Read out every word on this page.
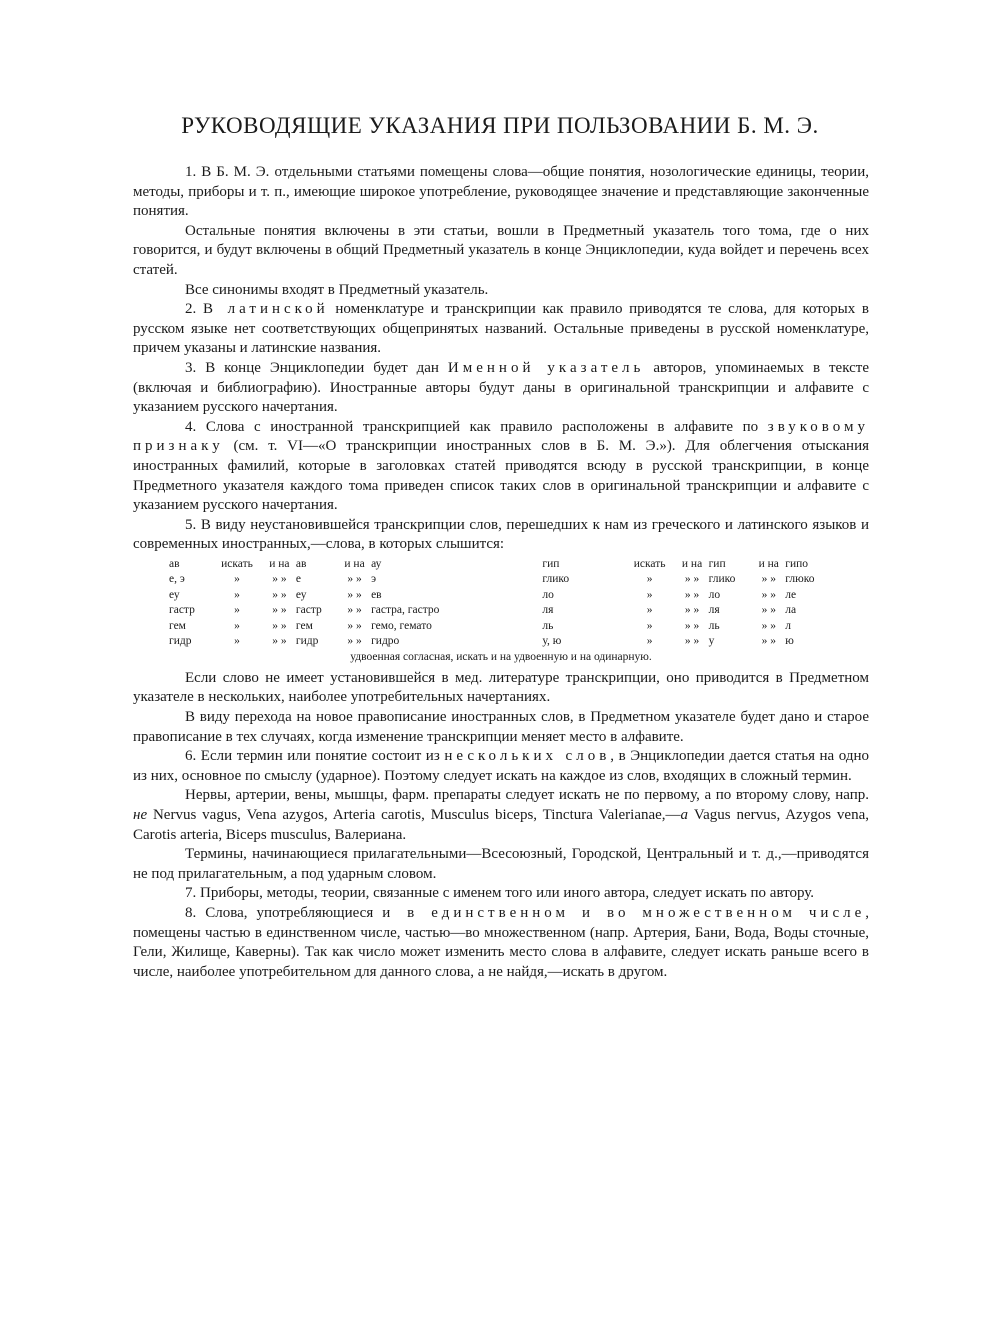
РУКОВОДЯЩИЕ УКАЗАНИЯ ПРИ ПОЛЬЗОВАНИИ Б. М. Э.

1. В Б. М. Э. отдельными статьями помещены слова—общие понятия, нозологические единицы, теории, методы, приборы и т. п., имеющие широкое употребление, руководящее значение и представляющие законченные понятия.

Остальные понятия включены в эти статьи, вошли в Предметный указатель того тома, где о них говорится, и будут включены в общий Предметный указатель в конце Энциклопедии, куда войдет и перечень всех статей.

Все синонимы входят в Предметный указатель.

2. В латинской номенклатуре и транскрипции как правило приводятся те слова, для которых в русском языке нет соответствующих общепринятых названий. Остальные приведены в русской номенклатуре, причем указаны и латинские названия.

3. В конце Энциклопедии будет дан Именной указатель авторов, упоминаемых в тексте (включая и библиографию). Иностранные авторы будут даны в оригинальной транскрипции и алфавите с указанием русского начертания.

4. Слова с иностранной транскрипцией как правило расположены в алфавите по звуковому признаку (см. т. VI—«О транскрипции иностранных слов в Б. М. Э.»). Для облегчения отыскания иностранных фамилий, которые в заголовках статей приводятся всюду в русской транскрипции, в конце Предметного указателя каждого тома приведен список таких слов в оригинальной транскрипции и алфавите с указанием русского начертания.

5. В виду неустановившейся транскрипции слов, перешедших к нам из греческого и латинского языков и современных иностранных,—слова, в которых слышится:

ав	искать	и на	ав	и на	ау	гип	искать	и на	гип	и на	гипо
е, э	»	» »	е	» »	э	глико	»	» »	глико	» »	глюко
еу	»	» »	еу	» »	ев	ло	»	» »	ло	» »	ле
гастр	»	» »	гастр	» »	гастра, гастро	ля	»	» »	ля	» »	ла
гем	»	» »	гем	» »	гемо, гемато	ль	»	» »	ль	» »	л
гидр	»	» »	гидр	» »	гидро	у, ю	»	» »	у	» »	ю
удвоенная согласная, искать и на удвоенную и на одинарную.

Если слово не имеет установившейся в мед. литературе транскрипции, оно приводится в Предметном указателе в нескольких, наиболее употребительных начертаниях.

В виду перехода на новое правописание иностранных слов, в Предметном указателе будет дано и старое правописание в тех случаях, когда изменение транскрипции меняет место в алфавите.

6. Если термин или понятие состоит из нескольких слов, в Энциклопедии дается статья на одно из них, основное по смыслу (ударное). Поэтому следует искать на каждое из слов, входящих в сложный термин.

Нервы, артерии, вены, мышцы, фарм. препараты следует искать не по первому, а по второму слову, напр. не Nervus vagus, Vena azygos, Arteria carotis, Musculus biceps, Tinctura Valerianae,—а Vagus nervus, Azygos vena, Carotis arteria, Biceps musculus, Валериана.

Термины, начинающиеся прилагательными—Всесоюзный, Городской, Центральный и т. д.,—приводятся не под прилагательным, а под ударным словом.

7. Приборы, методы, теории, связанные с именем того или иного автора, следует искать по автору.

8. Слова, употребляющиеся и в единственном и во множественном числе, помещены частью в единственном числе, частью—во множественном (напр. Артерия, Бани, Вода, Воды сточные, Гели, Жилище, Каверны). Так как число может изменить место слова в алфавите, следует искать раньше всего в числе, наиболее употребительном для данного слова, а не найдя,—искать в другом.
